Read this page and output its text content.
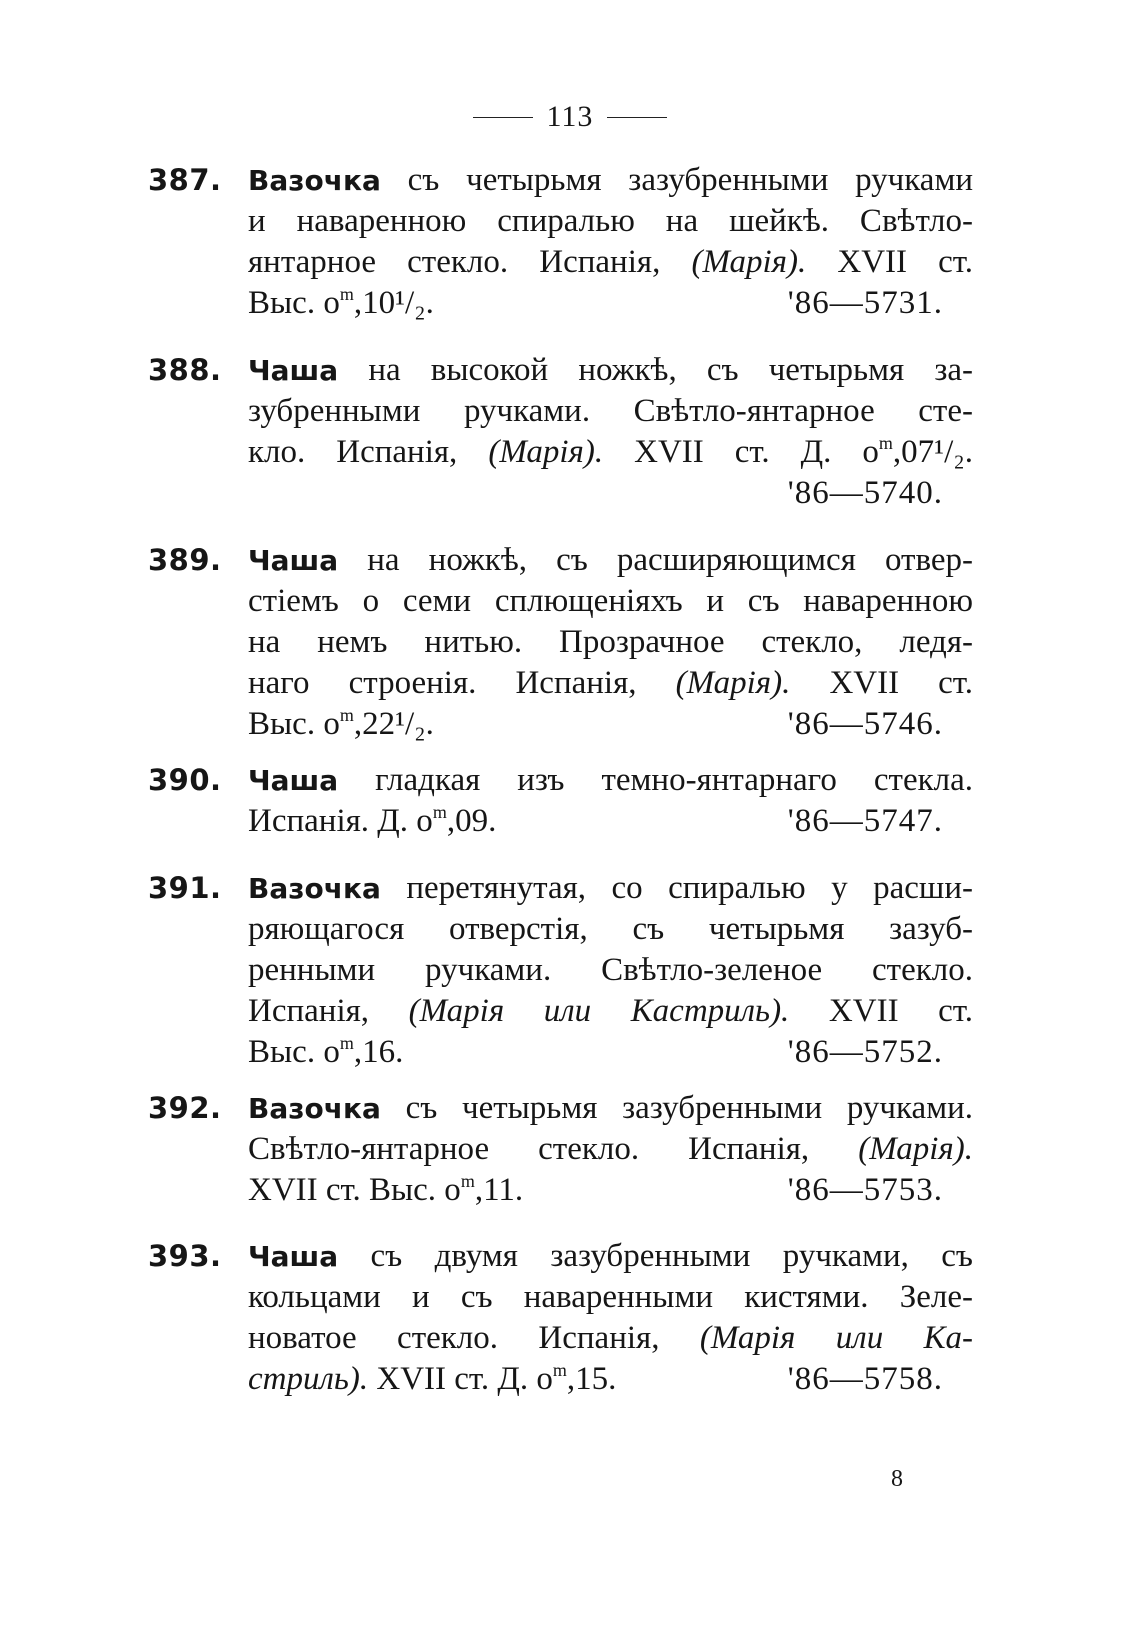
113
387. Вазочка съ четырьмя зазубренными ручками
и наваренною спиралью на шейкѣ. Свѣтло-
янтарное стекло. Испанія, (Марія). XVII ст.
Выс. $o^m,10^1/_2$.	'86—5731.
388. Чаша на высокой ножкѣ, съ четырьмя за-
зубренными ручками. Свѣтло-янтарное сте-
кло. Испанія, (Марія). XVII ст. Д. $o^m,07^1/_2$.
'86—5740.
389. Чаша на ножкѣ, съ расширяющимся отвер-
стіемъ о семи сплющеніяхъ и съ наваренною
на немъ нитью. Прозрачное стекло, ледя-
наго строенія. Испанія, (Марія). XVII ст.
Выс. $o^m,22^1/_2$.	'86—5746.
390. Чаша гладкая изъ темно-янтарнаго стекла.
Испанія. Д. $o^m,09$.	'86—5747.
391. Вазочка перетянутая, со спиралью у расши-
ряющагося отверстія, съ четырьмя зазуб-
ренными ручками. Свѣтло-зеленое стекло.
Испанія, (Марія или Кастриль). XVII ст.
Выс. $o^m,16$.	'86—5752.
392. Вазочка съ четырьмя зазубренными ручками.
Свѣтло-янтарное стекло. Испанія, (Марія).
XVII ст. Выс. $o^m,11$.	'86—5753.
393. Чаша съ двумя зазубренными ручками, съ
кольцами и съ наваренными кистями. Зеле-
новатое стекло. Испанія, (Марія или Ка-
стриль). XVII ст. Д. $o^m,15$.	'86—5758.
8
